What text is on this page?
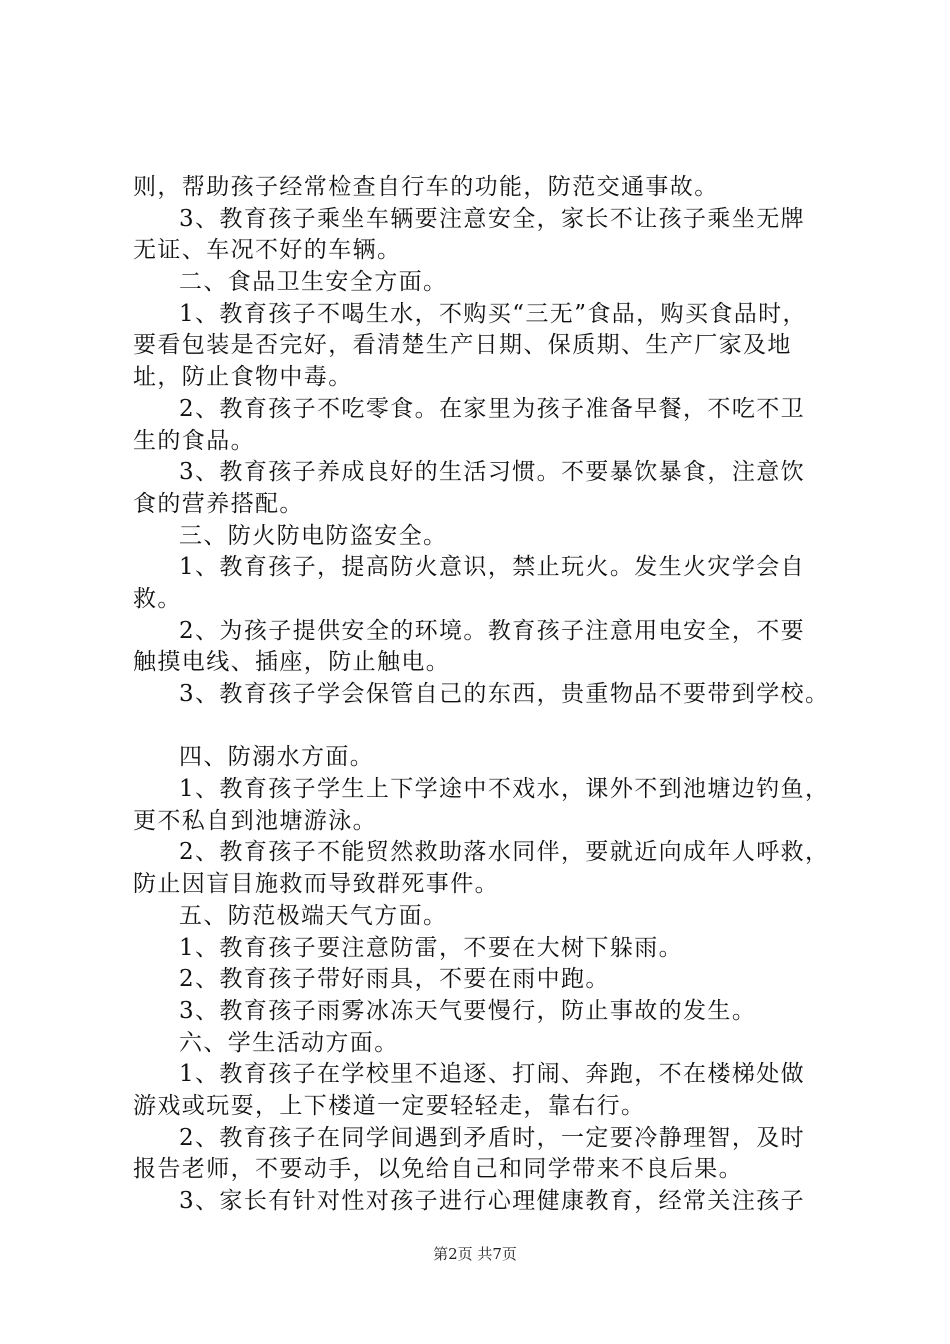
则，帮助孩子经常检查自行车的功能，防范交通事故。
3、教育孩子乘坐车辆要注意安全，家长不让孩子乘坐无牌
无证、车况不好的车辆。
二、食品卫生安全方面。
1、教育孩子不喝生水，不购买“三无”食品，购买食品时，
要看包装是否完好，看清楚生产日期、保质期、生产厂家及地
址，防止食物中毒。
2、教育孩子不吃零食。在家里为孩子准备早餐，不吃不卫
生的食品。
3、教育孩子养成良好的生活习惯。不要暴饮暴食，注意饮
食的营养搭配。
三、防火防电防盗安全。
1、教育孩子，提高防火意识，禁止玩火。发生火灾学会自
救。
2、为孩子提供安全的环境。教育孩子注意用电安全，不要
触摸电线、插座，防止触电。
3、教育孩子学会保管自己的东西，贵重物品不要带到学校。
四、防溺水方面。
1、教育孩子学生上下学途中不戏水，课外不到池塘边钓鱼，
更不私自到池塘游泳。
2、教育孩子不能贸然救助落水同伴，要就近向成年人呼救，
防止因盲目施救而导致群死事件。
五、防范极端天气方面。
1、教育孩子要注意防雷，不要在大树下躲雨。
2、教育孩子带好雨具，不要在雨中跑。
3、教育孩子雨雾冰冻天气要慢行，防止事故的发生。
六、学生活动方面。
1、教育孩子在学校里不追逐、打闹、奔跑，不在楼梯处做
游戏或玩耍，上下楼道一定要轻轻走，靠右行。
2、教育孩子在同学间遇到矛盾时，一定要冷静理智，及时
报告老师，不要动手，以免给自己和同学带来不良后果。
3、家长有针对性对孩子进行心理健康教育，经常关注孩子
第2页 共7页
